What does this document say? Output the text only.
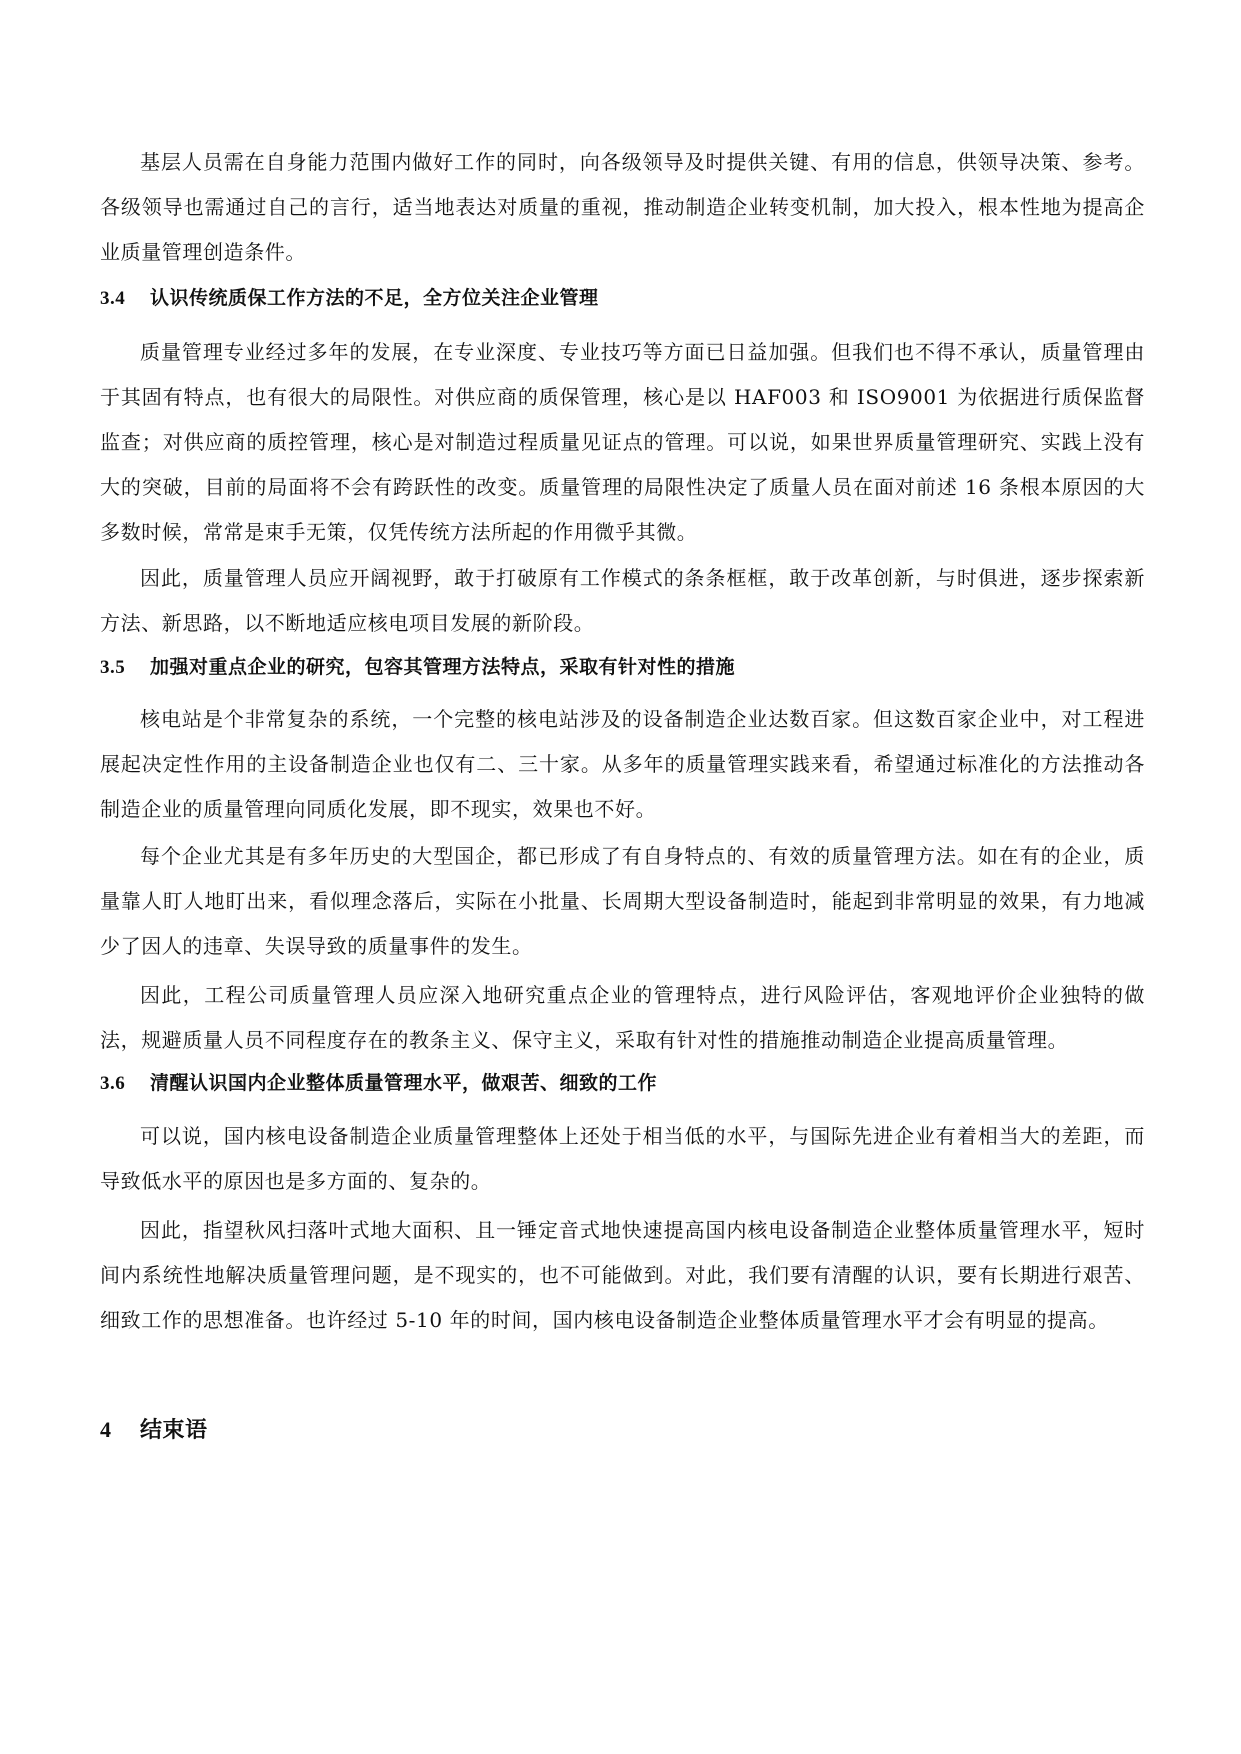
基层人员需在自身能力范围内做好工作的同时，向各级领导及时提供关键、有用的信息，供领导决策、参考。各级领导也需通过自己的言行，适当地表达对质量的重视，推动制造企业转变机制，加大投入，根本性地为提高企业质量管理创造条件。

3.4 认识传统质保工作方法的不足，全方位关注企业管理

质量管理专业经过多年的发展，在专业深度、专业技巧等方面已日益加强。但我们也不得不承认，质量管理由于其固有特点，也有很大的局限性。对供应商的质保管理，核心是以 HAF003 和 ISO9001 为依据进行质保监督监查；对供应商的质控管理，核心是对制造过程质量见证点的管理。可以说，如果世界质量管理研究、实践上没有大的突破，目前的局面将不会有跨跃性的改变。质量管理的局限性决定了质量人员在面对前述 16 条根本原因的大多数时候，常常是束手无策，仅凭传统方法所起的作用微乎其微。

因此，质量管理人员应开阔视野，敢于打破原有工作模式的条条框框，敢于改革创新，与时俱进，逐步探索新方法、新思路，以不断地适应核电项目发展的新阶段。

3.5 加强对重点企业的研究，包容其管理方法特点，采取有针对性的措施

核电站是个非常复杂的系统，一个完整的核电站涉及的设备制造企业达数百家。但这数百家企业中，对工程进展起决定性作用的主设备制造企业也仅有二、三十家。从多年的质量管理实践来看，希望通过标准化的方法推动各制造企业的质量管理向同质化发展，即不现实，效果也不好。

每个企业尤其是有多年历史的大型国企，都已形成了有自身特点的、有效的质量管理方法。如在有的企业，质量靠人盯人地盯出来，看似理念落后，实际在小批量、长周期大型设备制造时，能起到非常明显的效果，有力地减少了因人的违章、失误导致的质量事件的发生。

因此，工程公司质量管理人员应深入地研究重点企业的管理特点，进行风险评估，客观地评价企业独特的做法，规避质量人员不同程度存在的教条主义、保守主义，采取有针对性的措施推动制造企业提高质量管理。

3.6 清醒认识国内企业整体质量管理水平，做艰苦、细致的工作

可以说，国内核电设备制造企业质量管理整体上还处于相当低的水平，与国际先进企业有着相当大的差距，而导致低水平的原因也是多方面的、复杂的。

因此，指望秋风扫落叶式地大面积、且一锤定音式地快速提高国内核电设备制造企业整体质量管理水平，短时间内系统性地解决质量管理问题，是不现实的，也不可能做到。对此，我们要有清醒的认识，要有长期进行艰苦、细致工作的思想准备。也许经过 5-10 年的时间，国内核电设备制造企业整体质量管理水平才会有明显的提高。

4 结束语
